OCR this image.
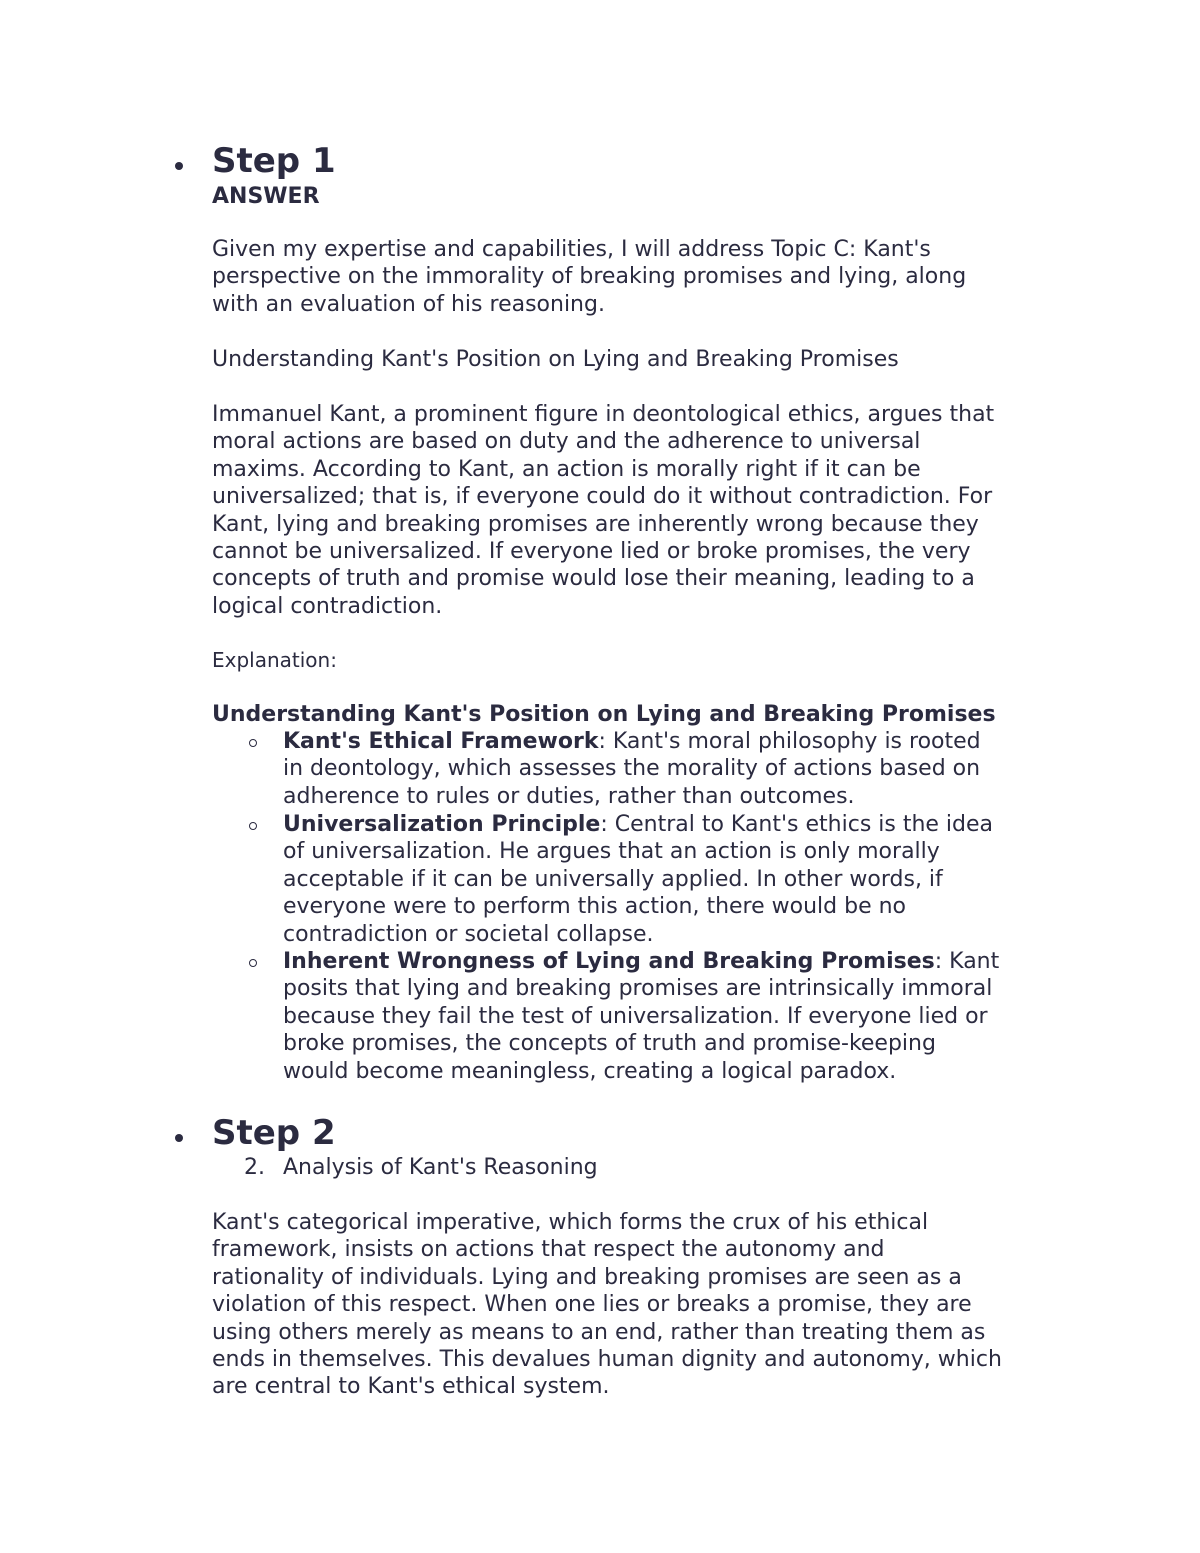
Step 1
ANSWER
Given my expertise and capabilities, I will address Topic C: Kant's
perspective on the immorality of breaking promises and lying, along
with an evaluation of his reasoning.
Understanding Kant's Position on Lying and Breaking Promises
Immanuel Kant, a prominent figure in deontological ethics, argues that
moral actions are based on duty and the adherence to universal
maxims. According to Kant, an action is morally right if it can be
universalized; that is, if everyone could do it without contradiction. For
Kant, lying and breaking promises are inherently wrong because they
cannot be universalized. If everyone lied or broke promises, the very
concepts of truth and promise would lose their meaning, leading to a
logical contradiction.
Explanation:
Understanding Kant's Position on Lying and Breaking Promises
Kant's Ethical Framework: Kant's moral philosophy is rooted
in deontology, which assesses the morality of actions based on
adherence to rules or duties, rather than outcomes.
Universalization Principle: Central to Kant's ethics is the idea
of universalization. He argues that an action is only morally
acceptable if it can be universally applied. In other words, if
everyone were to perform this action, there would be no
contradiction or societal collapse.
Inherent Wrongness of Lying and Breaking Promises: Kant
posits that lying and breaking promises are intrinsically immoral
because they fail the test of universalization. If everyone lied or
broke promises, the concepts of truth and promise-keeping
would become meaningless, creating a logical paradox.
Step 2
2. Analysis of Kant's Reasoning
Kant's categorical imperative, which forms the crux of his ethical
framework, insists on actions that respect the autonomy and
rationality of individuals. Lying and breaking promises are seen as a
violation of this respect. When one lies or breaks a promise, they are
using others merely as means to an end, rather than treating them as
ends in themselves. This devalues human dignity and autonomy, which
are central to Kant's ethical system.
